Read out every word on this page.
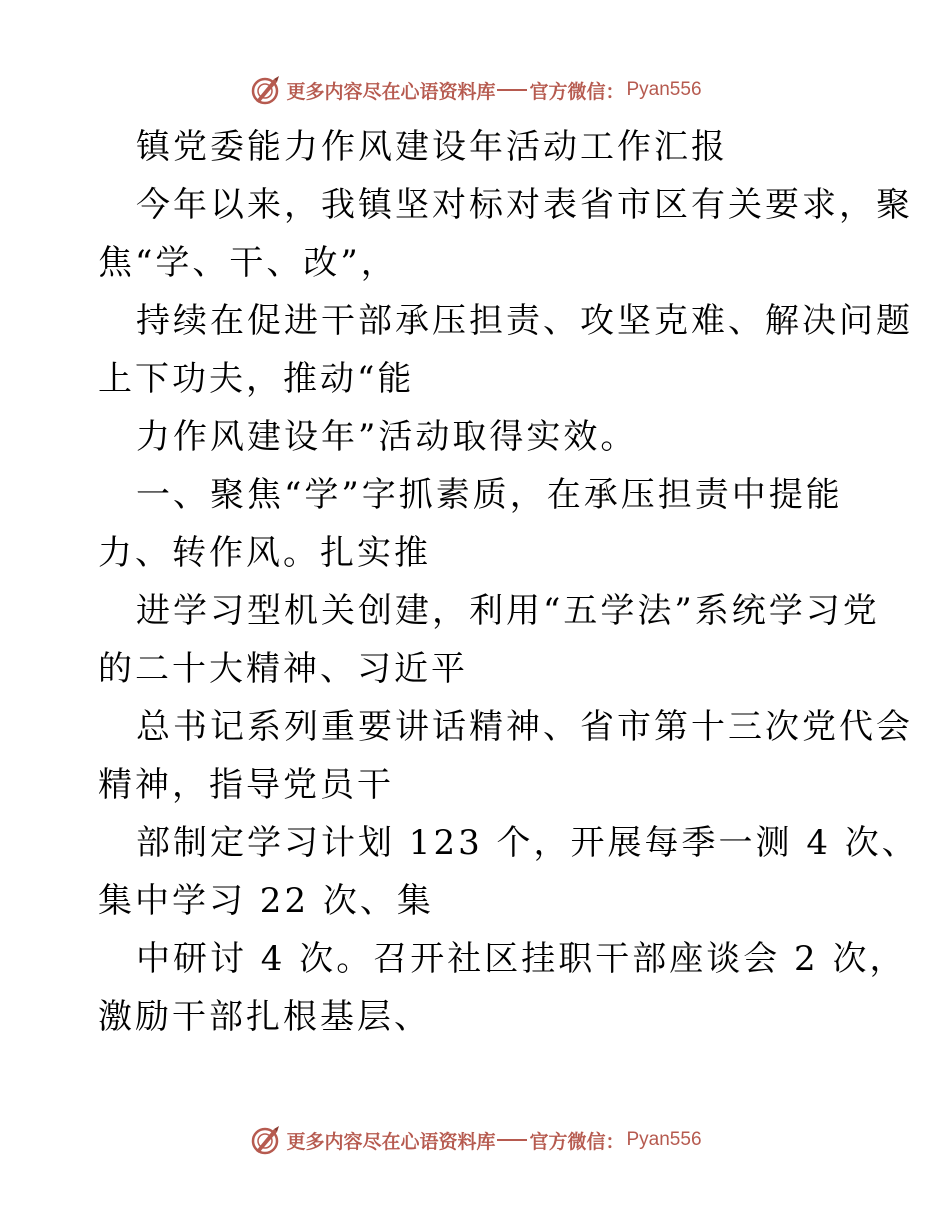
更多内容尽在心语资料库 官方微信： Pyan556

镇党委能力作风建设年活动工作汇报

今年以来，我镇坚对标对表省市区有关要求，聚

焦“学、干、改”，

持续在促进干部承压担责、攻坚克难、解决问题

上下功夫，推动“能

力作风建设年”活动取得实效。

一、聚焦“学”字抓素质，在承压担责中提能

力、转作风。扎实推

进学习型机关创建，利用“五学法”系统学习党

的二十大精神、习近平

总书记系列重要讲话精神、省市第十三次党代会

精神，指导党员干

部制定学习计划 123 个，开展每季一测 4 次、

集中学习 22 次、集

中研讨 4 次。召开社区挂职干部座谈会 2 次，

激励干部扎根基层、

更多内容尽在心语资料库 官方微信： Pyan556
